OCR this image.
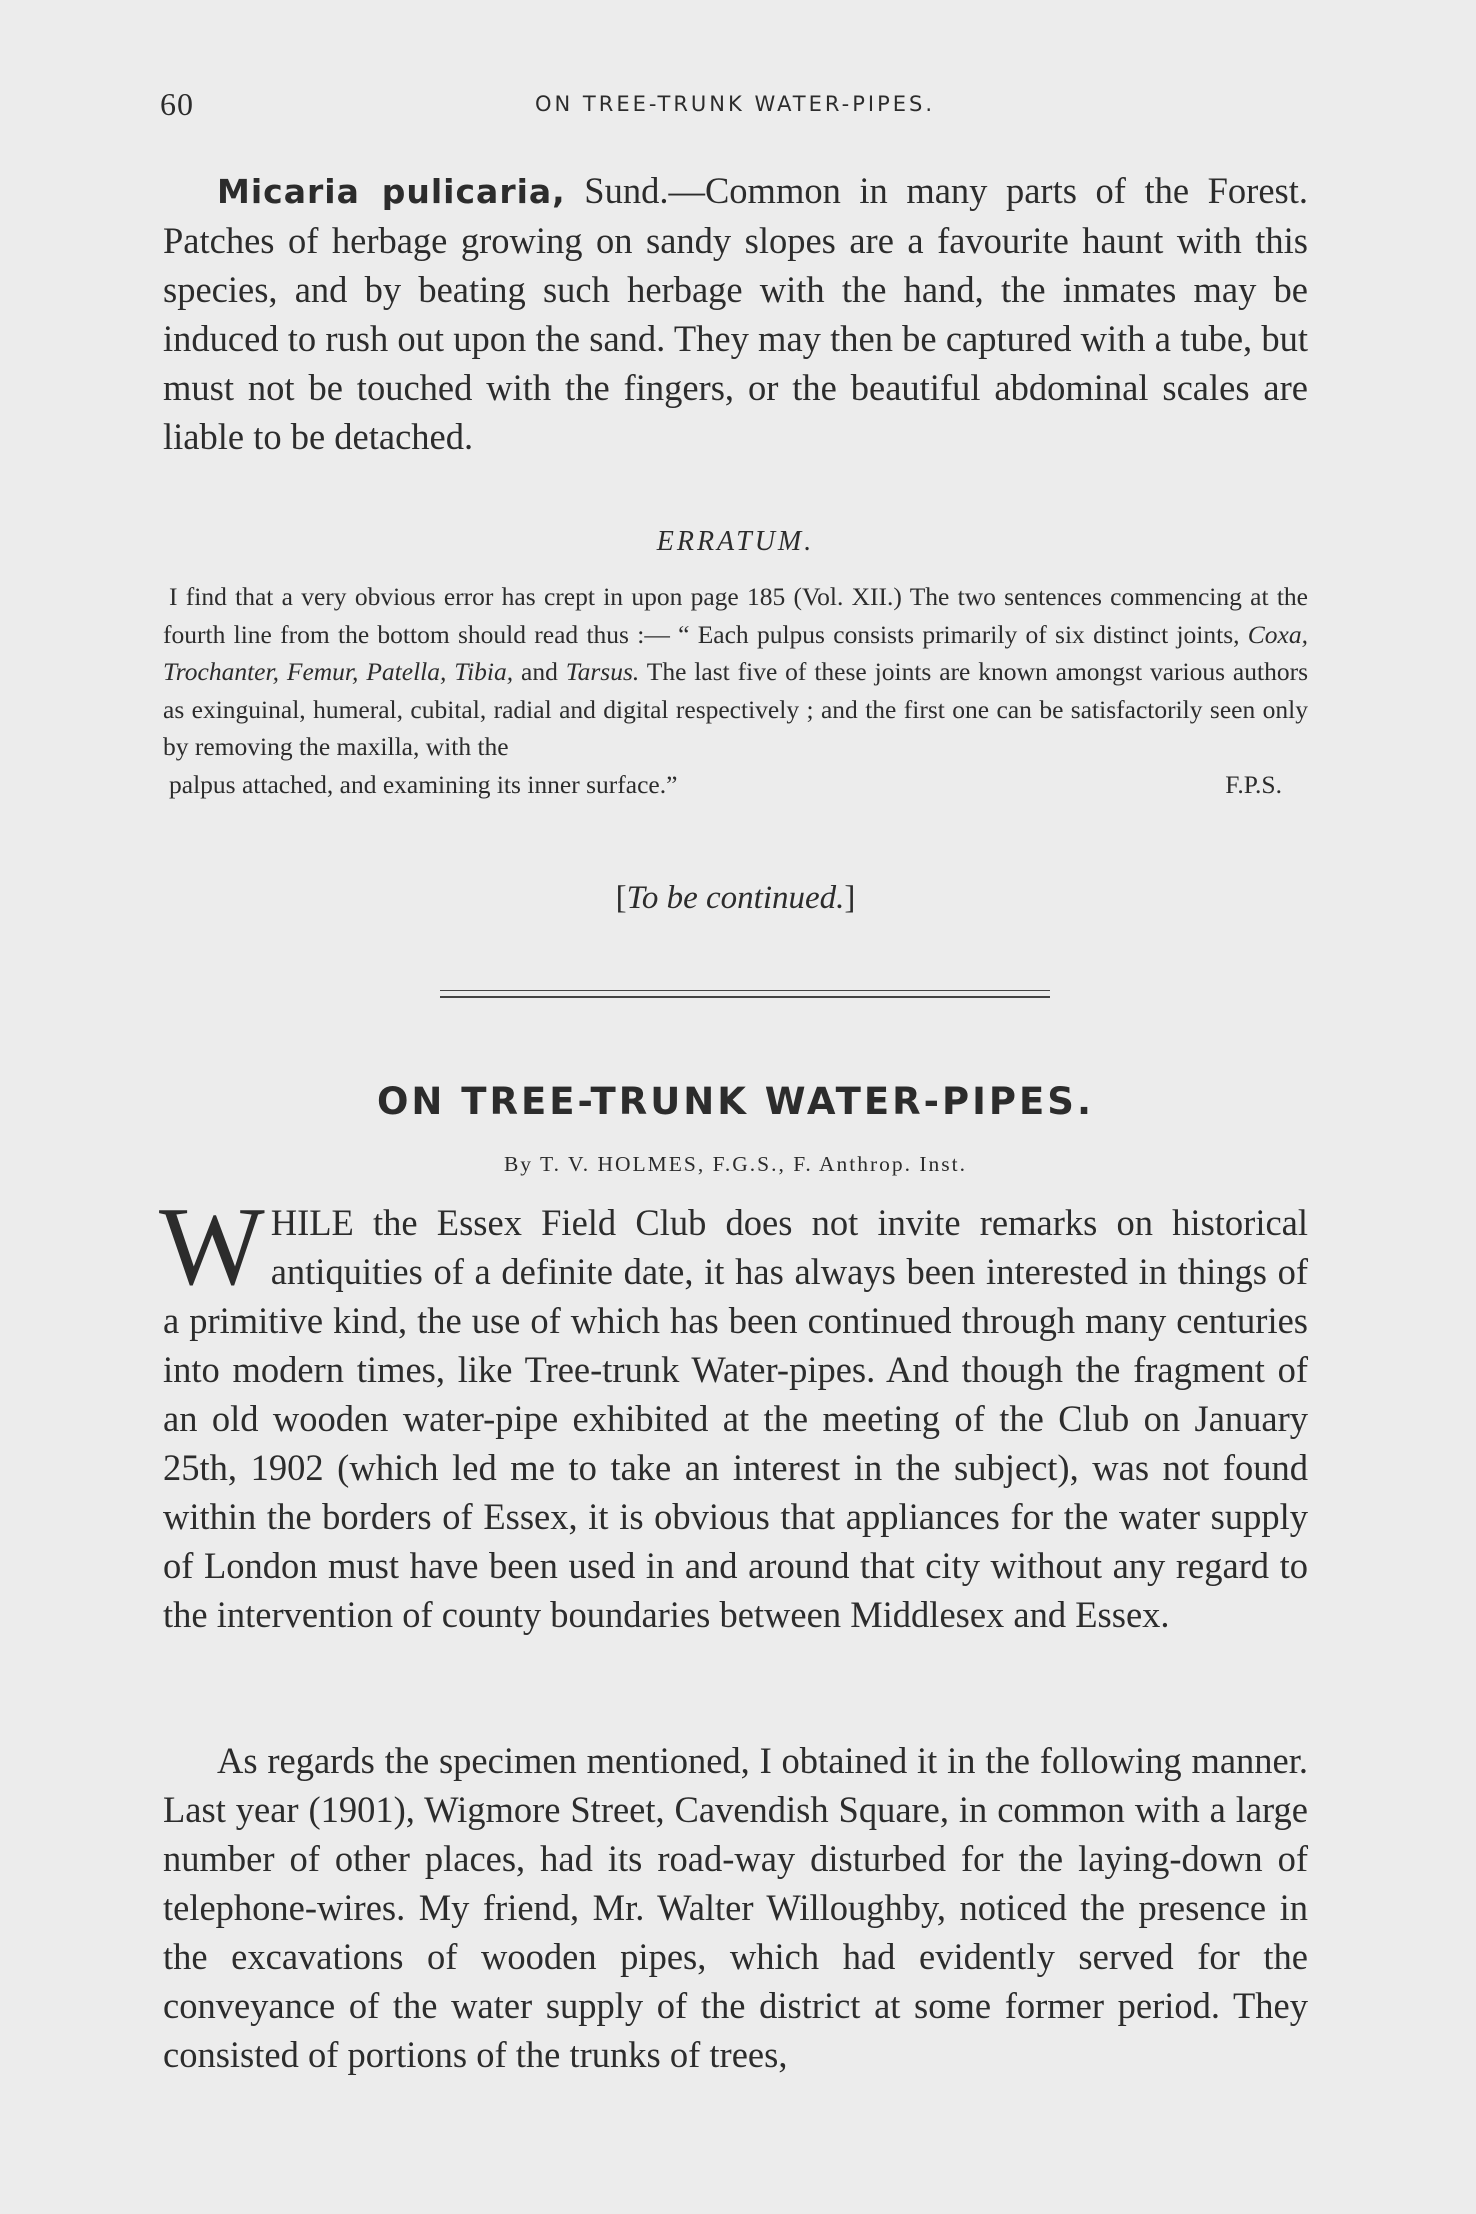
60	ON TREE-TRUNK WATER-PIPES.

Micaria pulicaria, Sund.—Common in many parts of the Forest. Patches of herbage growing on sandy slopes are a favourite haunt with this species, and by beating such herbage with the hand, the inmates may be induced to rush out upon the sand. They may then be captured with a tube, but must not be touched with the fingers, or the beautiful abdominal scales are liable to be detached.

ERRATUM.
I find that a very obvious error has crept in upon page 185 (Vol. XII.) The two sentences commencing at the fourth line from the bottom should read thus :— “ Each pulpus consists primarily of six distinct joints, Coxa, Trochanter, Femur, Patella, Tibia, and Tarsus. The last five of these joints are known amongst various authors as exinguinal, humeral, cubital, radial and digital respectively ; and the first one can be satisfactorily seen only by removing the maxilla, with the
palpus attached, and examining its inner surface.”	F.P.S.
[To be continued.]
ON TREE-TRUNK WATER-PIPES.
By T. V. HOLMES, F.G.S., F. Anthrop. Inst.

WHILE the Essex Field Club does not invite remarks on historical antiquities of a definite date, it has always been interested in things of a primitive kind, the use of which has been continued through many centuries into modern times, like Tree-trunk Water-pipes. And though the fragment of an old wooden water-pipe exhibited at the meeting of the Club on January 25th, 1902 (which led me to take an interest in the subject), was not found within the borders of Essex, it is obvious that appliances for the water supply of London must have been used in and around that city without any regard to the intervention of county boundaries between Middlesex and Essex.

As regards the specimen mentioned, I obtained it in the following manner. Last year (1901), Wigmore Street, Cavendish Square, in common with a large number of other places, had its road-way disturbed for the laying-down of telephone-wires. My friend, Mr. Walter Willoughby, noticed the presence in the excavations of wooden pipes, which had evidently served for the conveyance of the water supply of the district at some former period. They consisted of portions of the trunks of trees,
